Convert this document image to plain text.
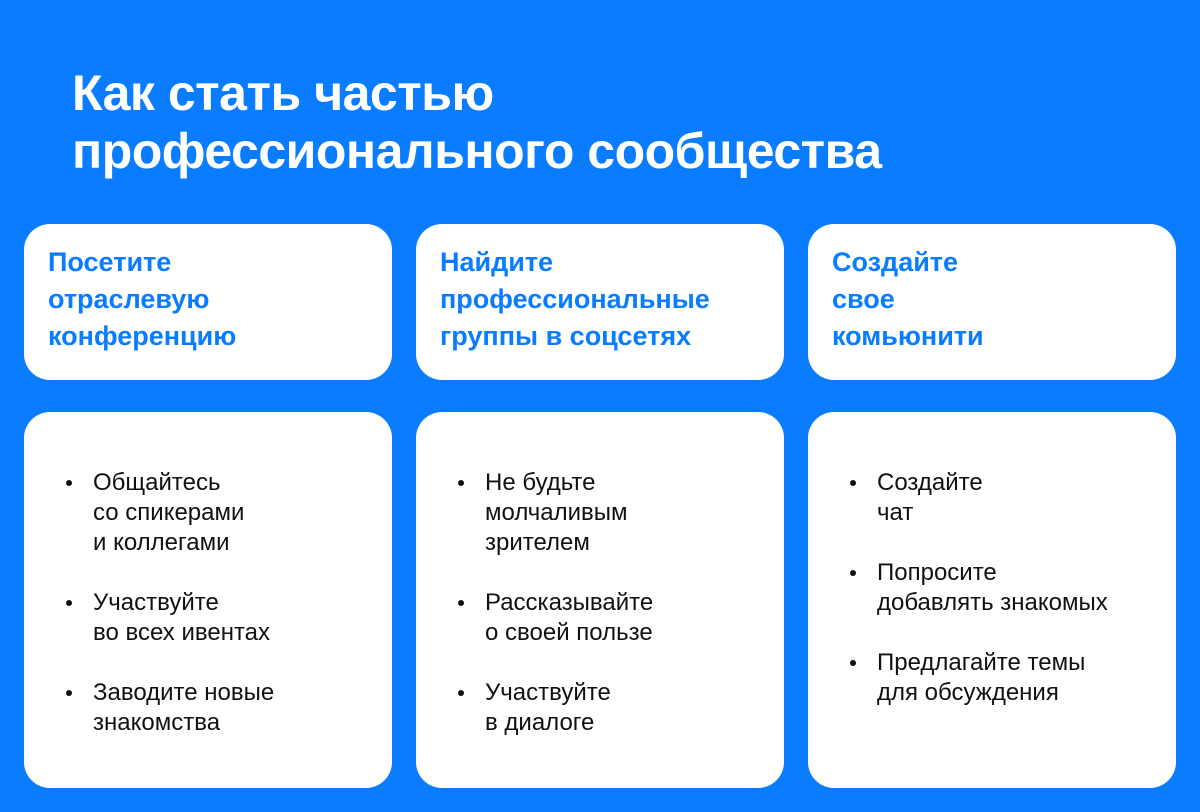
Как стать частью
профессионального сообщества
Посетите
отраслевую
конференцию
Общайтесь
со спикерами
и коллегами
Участвуйте
во всех ивентах
Заводите новые
знакомства
Найдите
профессиональные
группы в соцсетях
Не будьте
молчаливым
зрителем
Рассказывайте
о своей пользе
Участвуйте
в диалоге
Создайте
свое
комьюнити
Создайте
чат
Попросите
добавлять знакомых
Предлагайте темы
для обсуждения
